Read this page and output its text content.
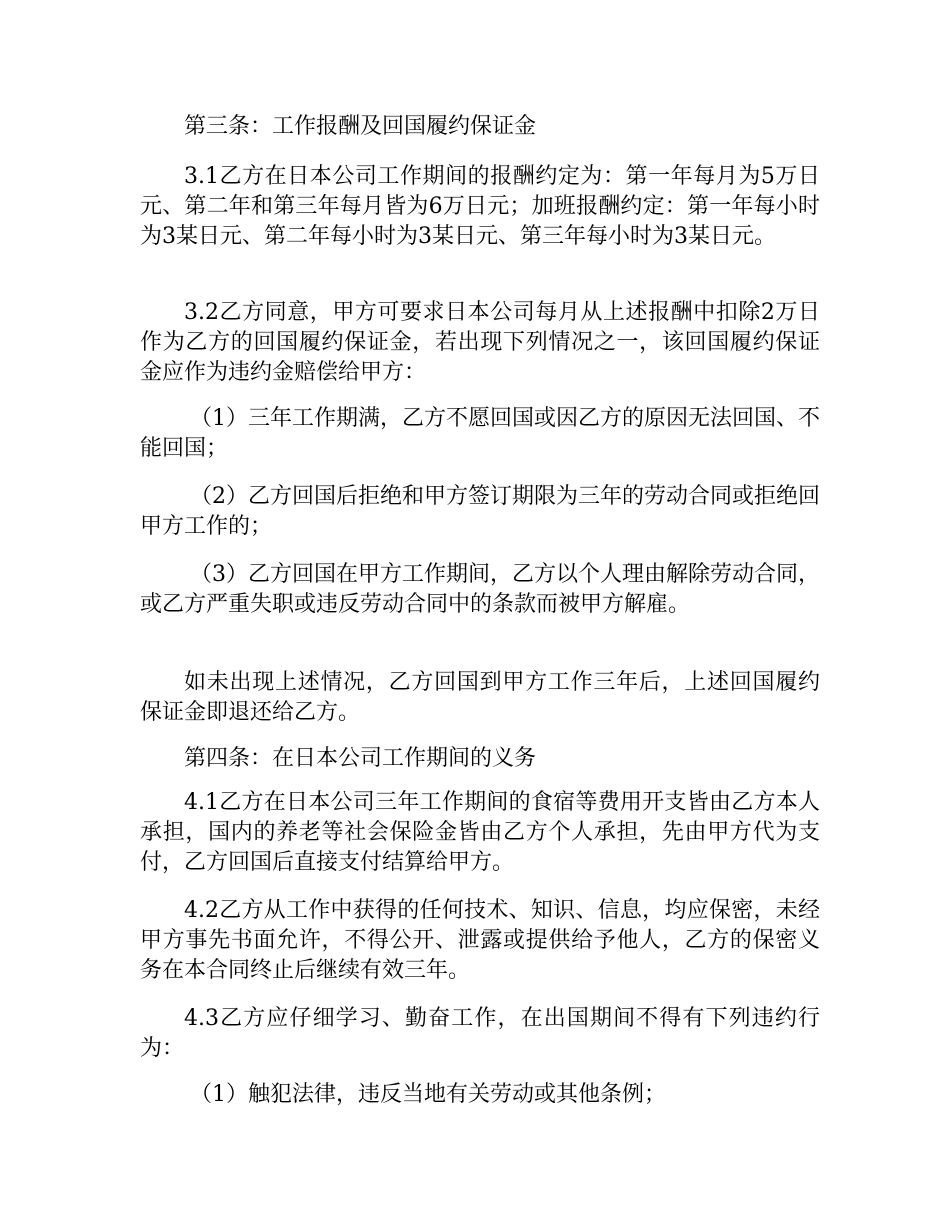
第三条：工作报酬及回国履约保证金

3.1乙方在日本公司工作期间的报酬约定为：第一年每月为5万日元、第二年和第三年每月皆为6万日元；加班报酬约定：第一年每小时为3某日元、第二年每小时为3某日元、第三年每小时为3某日元。

3.2乙方同意，甲方可要求日本公司每月从上述报酬中扣除2万日作为乙方的回国履约保证金，若出现下列情况之一，该回国履约保证金应作为违约金赔偿给甲方：

（1）三年工作期满，乙方不愿回国或因乙方的原因无法回国、不能回国；

（2）乙方回国后拒绝和甲方签订期限为三年的劳动合同或拒绝回甲方工作的；

（3）乙方回国在甲方工作期间，乙方以个人理由解除劳动合同，或乙方严重失职或违反劳动合同中的条款而被甲方解雇。

如未出现上述情况，乙方回国到甲方工作三年后，上述回国履约保证金即退还给乙方。

第四条：在日本公司工作期间的义务

4.1乙方在日本公司三年工作期间的食宿等费用开支皆由乙方本人承担，国内的养老等社会保险金皆由乙方个人承担，先由甲方代为支付，乙方回国后直接支付结算给甲方。

4.2乙方从工作中获得的任何技术、知识、信息，均应保密，未经甲方事先书面允许，不得公开、泄露或提供给予他人，乙方的保密义务在本合同终止后继续有效三年。

4.3乙方应仔细学习、勤奋工作，在出国期间不得有下列违约行为：

（1）触犯法律，违反当地有关劳动或其他条例；
